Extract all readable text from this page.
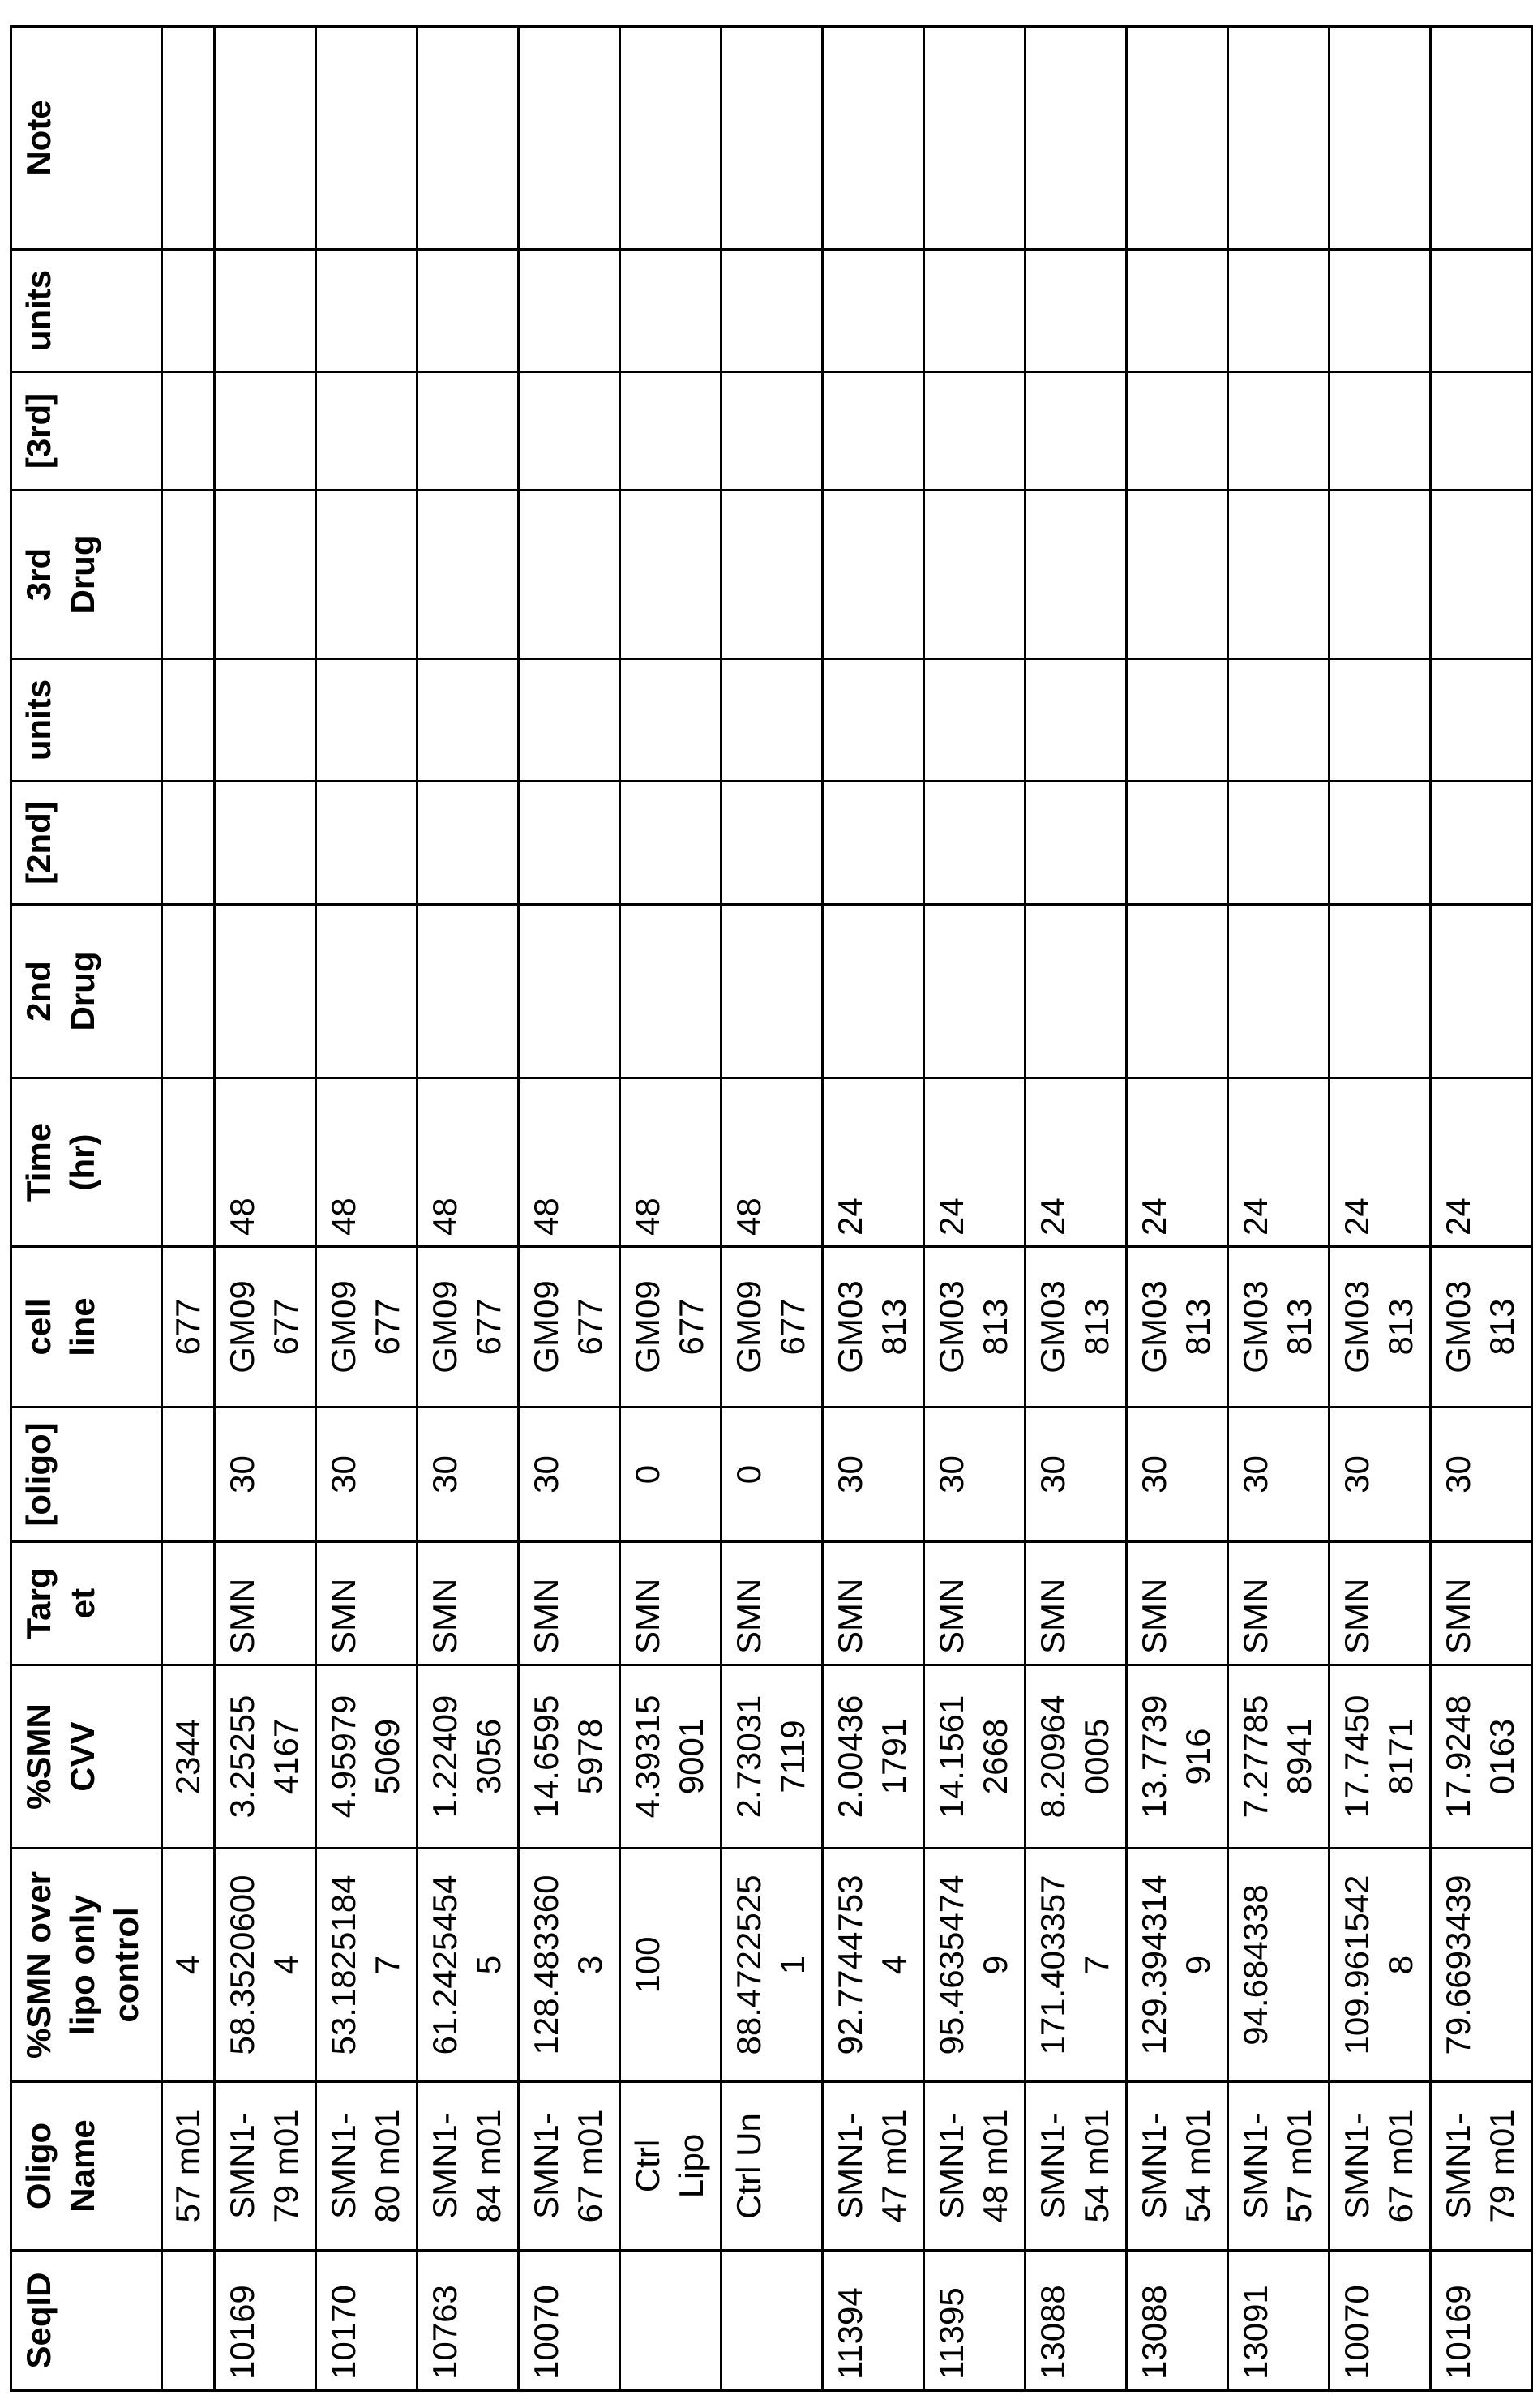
SeqID	Oligo Name	%SMN over lipo only control	%SMN CVV	Target	[oligo]	cell line	Time (hr)	2nd Drug	[2nd]	units	3rd Drug	[3rd]	units	Note
	57 m01	4	2344			677								
10169	SMN1-79 m01	58.35206004	3.252554167	SMN	30	GM09677	48							
10170	SMN1-80 m01	53.18251847	4.959795069	SMN	30	GM09677	48							
10763	SMN1-84 m01	61.24254545	1.224093056	SMN	30	GM09677	48							
10070	SMN1-67 m01	128.4833603	14.65955978	SMN	30	GM09677	48							
	Ctrl Lipo	100	4.393159001	SMN	0	GM09677	48							
	Ctrl Un	88.47225251	2.730317119	SMN	0	GM09677	48							
11394	SMN1-47 m01	92.77447534	2.004361791	SMN	30	GM03813	24							
11395	SMN1-48 m01	95.46354749	14.15612668	SMN	30	GM03813	24							
13088	SMN1-54 m01	171.4033577	8.209640005	SMN	30	GM03813	24							
13088	SMN1-54 m01	129.3943149	13.7739916	SMN	30	GM03813	24							
13091	SMN1-57 m01	94.684338	7.277858941	SMN	30	GM03813	24							
10070	SMN1-67 m01	109.9615428	17.74508171	SMN	30	GM03813	24							
10169	SMN1-79 m01	79.6693439	17.92480163	SMN	30	GM03813	24							
